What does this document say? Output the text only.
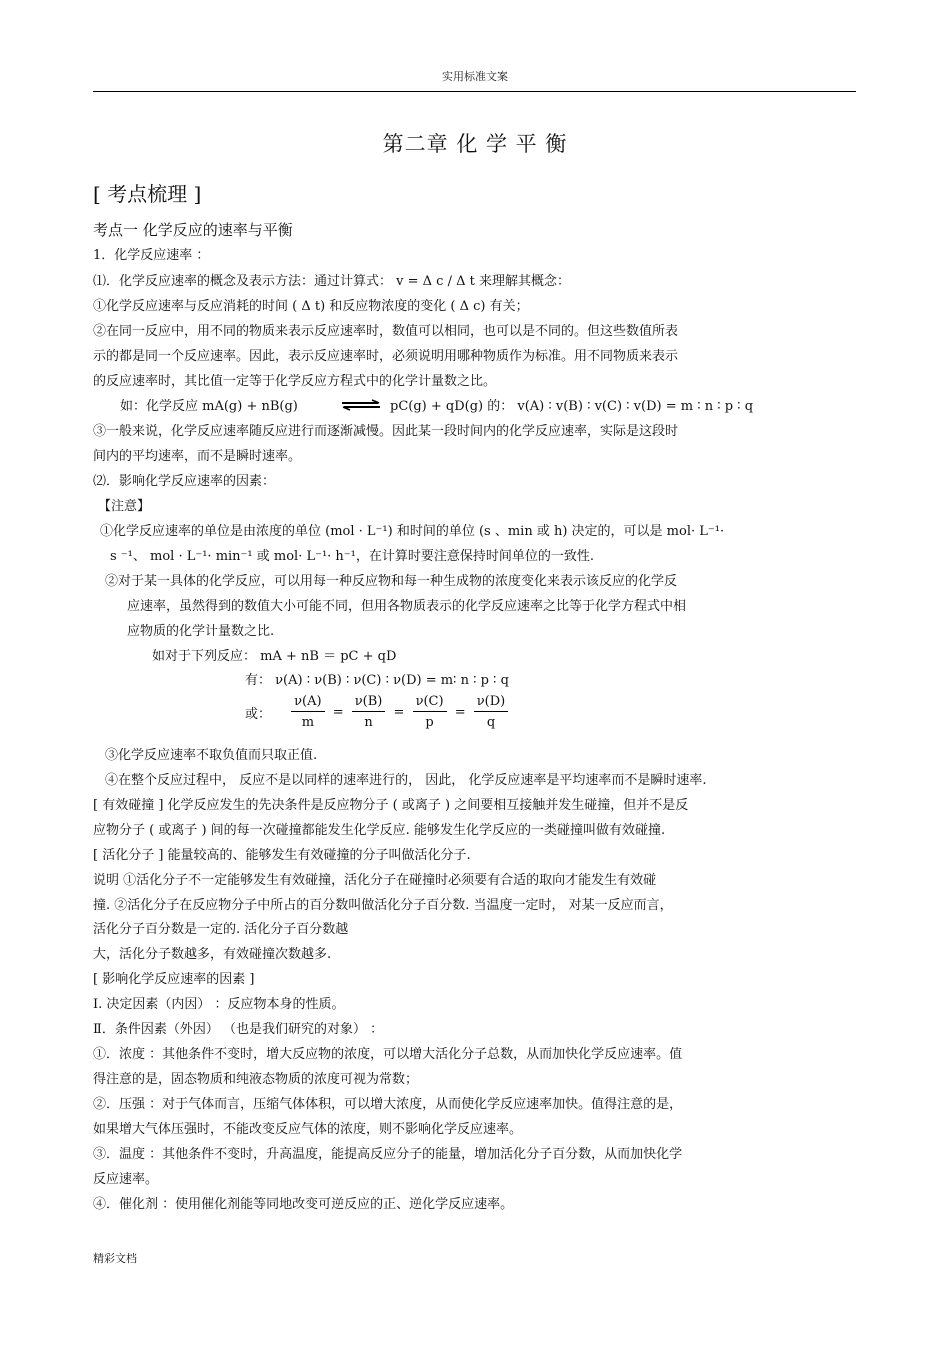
实用标准文案
第二章 化 学 平 衡
[ 考点梳理 ]
考点一 化学反应的速率与平衡
1．化学反应速率 ：
⑴．化学反应速率的概念及表示方法：通过计算式： v = Δ c / Δ t 来理解其概念：
①化学反应速率与反应消耗的时间 ( Δ t) 和反应物浓度的变化 ( Δ c) 有关；
②在同一反应中，用不同的物质来表示反应速率时，数值可以相同，也可以是不同的。但这些数值所表
示的都是同一个反应速率。因此，表示反应速率时，必须说明用哪种物质作为标准。用不同物质来表示
的反应速率时，其比值一定等于化学反应方程式中的化学计量数之比。
如：化学反应 mA(g) + nB(g)	⇌ pC(g) + qD(g) 的： v(A) ∶ v(B) ∶ v(C) ∶ v(D) = m ∶ n ∶ p ∶ q
③一般来说，化学反应速率随反应进行而逐渐减慢。因此某一段时间内的化学反应速率，实际是这段时
间内的平均速率，而不是瞬时速率。
⑵．影响化学反应速率的因素：
【注意】
①化学反应速率的单位是由浓度的单位 (mol · L⁻¹) 和时间的单位 (s 、min 或 h) 决定的，可以是 mol· L⁻¹·
s ⁻¹、 mol · L⁻¹· min⁻¹ 或 mol· L⁻¹· h⁻¹，在计算时要注意保持时间单位的一致性.
②对于某一具体的化学反应，可以用每一种反应物和每一种生成物的浓度变化来表示该反应的化学反
应速率，虽然得到的数值大小可能不同，但用各物质表示的化学反应速率之比等于化学方程式中相
应物质的化学计量数之比.
如对于下列反应： mA + nB ＝ pC + qD
有： ν(A) ∶ ν(B) ∶ ν(C) ∶ ν(D) = m∶ n ∶ p ∶ q
或： $\frac{\nu(A)}{m} = \frac{\nu(B)}{n} = \frac{\nu(C)}{p} = \frac{\nu(D)}{q}$
③化学反应速率不取负值而只取正值.
④在整个反应过程中， 反应不是以同样的速率进行的， 因此， 化学反应速率是平均速率而不是瞬时速率.
[ 有效碰撞 ] 化学反应发生的先决条件是反应物分子 ( 或离子 ) 之间要相互接触并发生碰撞，但并不是反
应物分子 ( 或离子 ) 间的每一次碰撞都能发生化学反应. 能够发生化学反应的一类碰撞叫做有效碰撞.
[ 活化分子 ] 能量较高的、能够发生有效碰撞的分子叫做活化分子.
说明 ①活化分子不一定能够发生有效碰撞，活化分子在碰撞时必须要有合适的取向才能发生有效碰
撞. ②活化分子在反应物分子中所占的百分数叫做活化分子百分数. 当温度一定时， 对某一反应而言，
活化分子百分数是一定的. 活化分子百分数越
大，活化分子数越多，有效碰撞次数越多.
[ 影响化学反应速率的因素 ]
I. 决定因素（内因） ：反应物本身的性质。
Ⅱ．条件因素（外因） （也是我们研究的对象） ：
①．浓度 ：其他条件不变时，增大反应物的浓度，可以增大活化分子总数，从而加快化学反应速率。值
得注意的是，固态物质和纯液态物质的浓度可视为常数；
②．压强 ：对于气体而言，压缩气体体积，可以增大浓度，从而使化学反应速率加快。值得注意的是，
如果增大气体压强时，不能改变反应气体的浓度，则不影响化学反应速率。
③．温度 ：其他条件不变时，升高温度，能提高反应分子的能量，增加活化分子百分数，从而加快化学
反应速率。
④．催化剂 ：使用催化剂能等同地改变可逆反应的正、逆化学反应速率。
精彩文档
